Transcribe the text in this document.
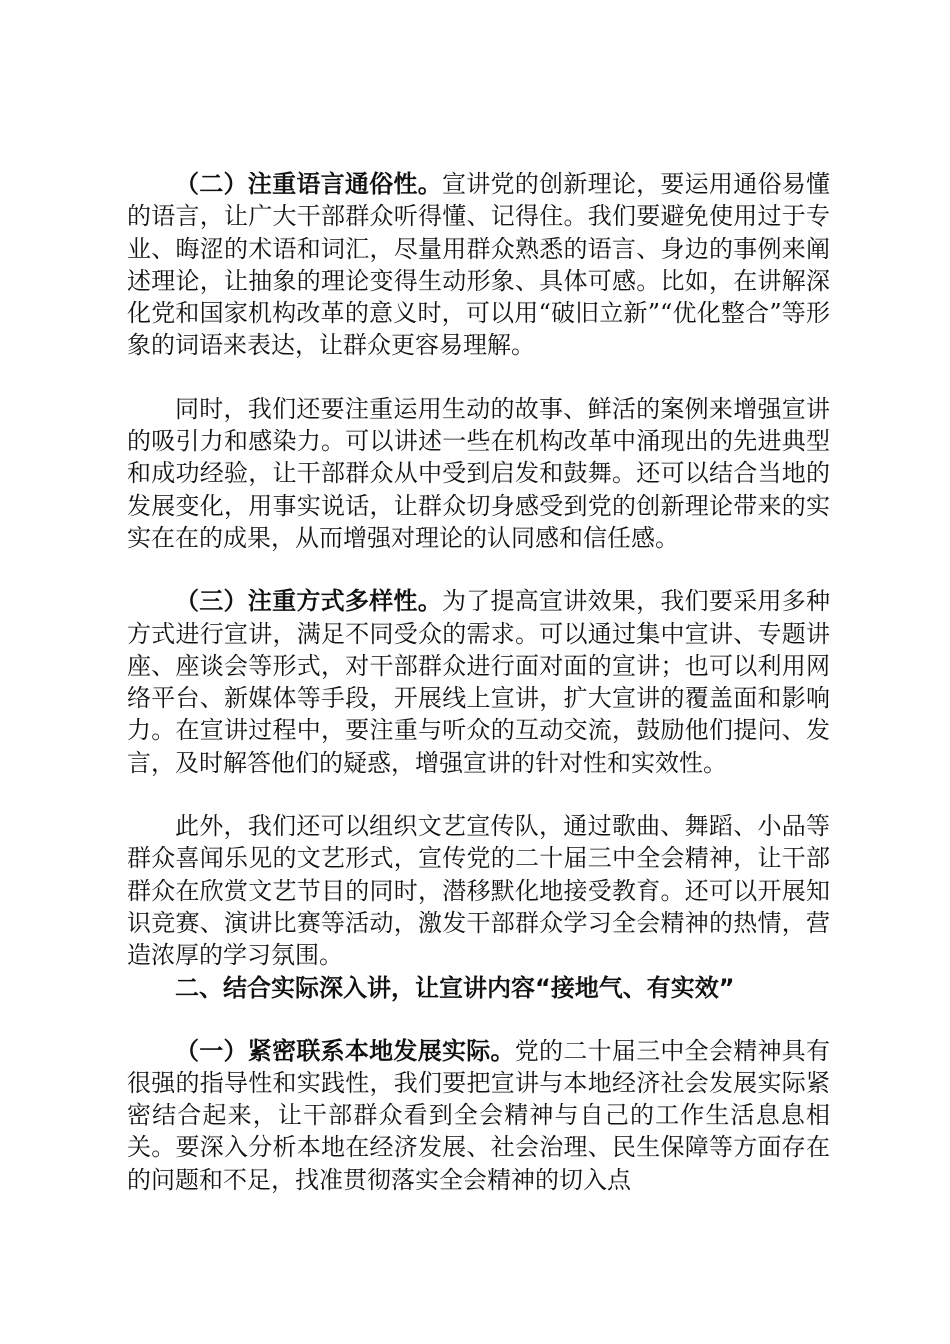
（二）注重语言通俗性。宣讲党的创新理论，要运用通俗易懂的语言，让广大干部群众听得懂、记得住。我们要避免使用过于专业、晦涩的术语和词汇，尽量用群众熟悉的语言、身边的事例来阐述理论，让抽象的理论变得生动形象、具体可感。比如，在讲解深化党和国家机构改革的意义时，可以用“破旧立新”“优化整合”等形象的词语来表达，让群众更容易理解。

同时，我们还要注重运用生动的故事、鲜活的案例来增强宣讲的吸引力和感染力。可以讲述一些在机构改革中涌现出的先进典型和成功经验，让干部群众从中受到启发和鼓舞。还可以结合当地的发展变化，用事实说话，让群众切身感受到党的创新理论带来的实实在在的成果，从而增强对理论的认同感和信任感。

（三）注重方式多样性。为了提高宣讲效果，我们要采用多种方式进行宣讲，满足不同受众的需求。可以通过集中宣讲、专题讲座、座谈会等形式，对干部群众进行面对面的宣讲；也可以利用网络平台、新媒体等手段，开展线上宣讲，扩大宣讲的覆盖面和影响力。在宣讲过程中，要注重与听众的互动交流，鼓励他们提问、发言，及时解答他们的疑惑，增强宣讲的针对性和实效性。

此外，我们还可以组织文艺宣传队，通过歌曲、舞蹈、小品等群众喜闻乐见的文艺形式，宣传党的二十届三中全会精神，让干部群众在欣赏文艺节目的同时，潜移默化地接受教育。还可以开展知识竞赛、演讲比赛等活动，激发干部群众学习全会精神的热情，营造浓厚的学习氛围。

二、结合实际深入讲，让宣讲内容“接地气、有实效”

（一）紧密联系本地发展实际。党的二十届三中全会精神具有很强的指导性和实践性，我们要把宣讲与本地经济社会发展实际紧密结合起来，让干部群众看到全会精神与自己的工作生活息息相关。要深入分析本地在经济发展、社会治理、民生保障等方面存在的问题和不足，找准贯彻落实全会精神的切入点
